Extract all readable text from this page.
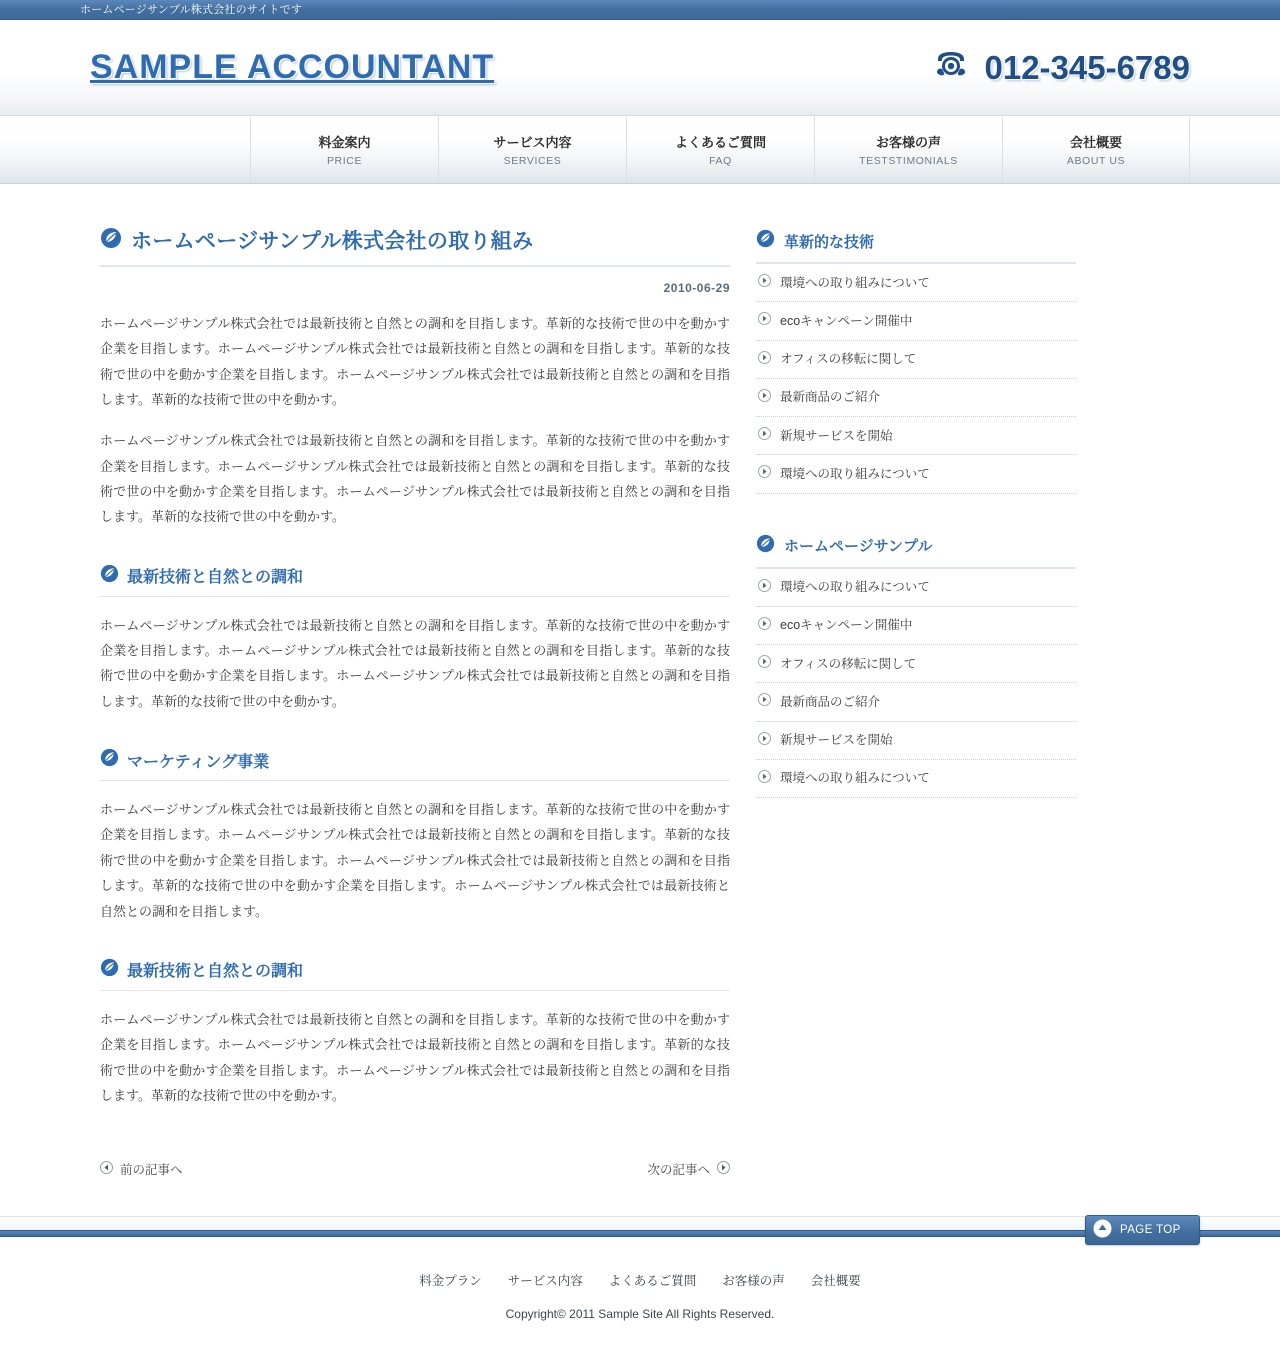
ホームページサンプル株式会社のサイトです
SAMPLE ACCOUNTANT	012-345-6789
料金案内
PRICE
サービス内容
SERVICES
よくあるご質問
FAQ
お客様の声
TESTSTIMONIALS
会社概要
ABOUT US
ホームページサンプル株式会社の取り組み
2010-06-29

ホームページサンプル株式会社では最新技術と自然との調和を目指します。革新的な技術で世の中を動かす企業を目指します。ホームページサンプル株式会社では最新技術と自然との調和を目指します。革新的な技術で世の中を動かす企業を目指します。ホームページサンプル株式会社では最新技術と自然との調和を目指します。革新的な技術で世の中を動かす。

ホームページサンプル株式会社では最新技術と自然との調和を目指します。革新的な技術で世の中を動かす企業を目指します。ホームページサンプル株式会社では最新技術と自然との調和を目指します。革新的な技術で世の中を動かす企業を目指します。ホームページサンプル株式会社では最新技術と自然との調和を目指します。革新的な技術で世の中を動かす。

最新技術と自然との調和

ホームページサンプル株式会社では最新技術と自然との調和を目指します。革新的な技術で世の中を動かす企業を目指します。ホームページサンプル株式会社では最新技術と自然との調和を目指します。革新的な技術で世の中を動かす企業を目指します。ホームページサンプル株式会社では最新技術と自然との調和を目指します。革新的な技術で世の中を動かす。

マーケティング事業

ホームページサンプル株式会社では最新技術と自然との調和を目指します。革新的な技術で世の中を動かす企業を目指します。ホームページサンプル株式会社では最新技術と自然との調和を目指します。革新的な技術で世の中を動かす企業を目指します。ホームページサンプル株式会社では最新技術と自然との調和を目指します。革新的な技術で世の中を動かす企業を目指します。ホームページサンプル株式会社では最新技術と自然との調和を目指します。

最新技術と自然との調和

ホームページサンプル株式会社では最新技術と自然との調和を目指します。革新的な技術で世の中を動かす企業を目指します。ホームページサンプル株式会社では最新技術と自然との調和を目指します。革新的な技術で世の中を動かす企業を目指します。ホームページサンプル株式会社では最新技術と自然との調和を目指します。革新的な技術で世の中を動かす。

前の記事へ	次の記事へ
革新的な技術
環境への取り組みについて
ecoキャンペーン開催中
オフィスの移転に関して
最新商品のご紹介
新規サービスを開始
環境への取り組みについて
ホームページサンプル
環境への取り組みについて
ecoキャンペーン開催中
オフィスの移転に関して
最新商品のご紹介
新規サービスを開始
環境への取り組みについて
PAGE TOP
料金プラン サービス内容 よくあるご質問 お客様の声 会社概要
Copyright© 2011 Sample Site All Rights Reserved.
